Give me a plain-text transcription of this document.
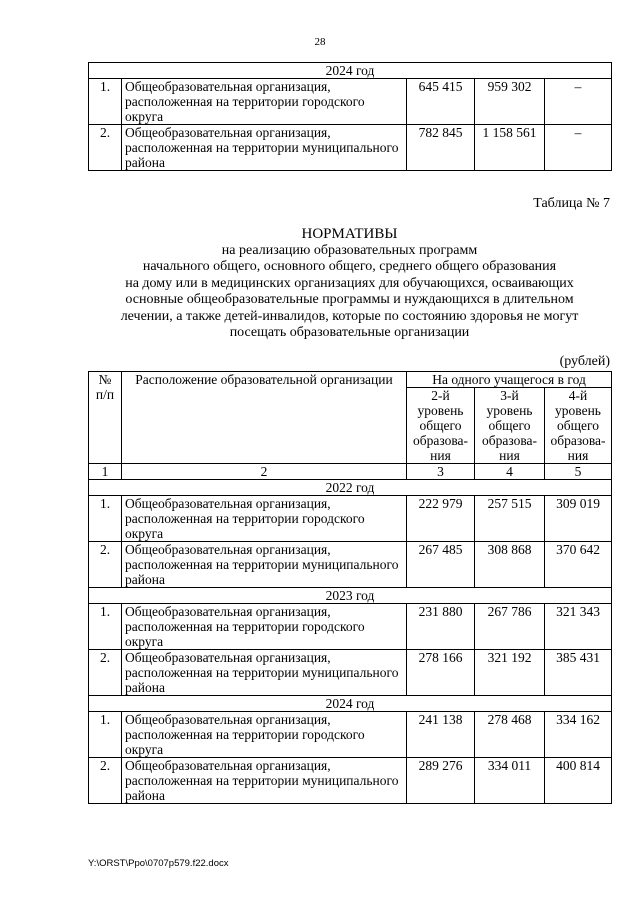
28
2024 год				
1.	Общеобразовательная организация, расположенная на территории городского округа	645 415	959 302	–
2.	Общеобразовательная организация, расположенная на территории муниципального района	782 845	1 158 561	–
Таблица № 7
НОРМАТИВЫ
на реализацию образовательных программ
начального общего, основного общего, среднего общего образования
на дому или в медицинских организациях для обучающихся, осваивающих
основные общеобразовательные программы и нуждающихся в длительном
лечении, а также детей-инвалидов, которые по состоянию здоровья не могут
посещать образовательные организации
(рублей)
№ п/п	Расположение образовательной организации	На одного учащегося в год		
		2-й уровень общего образова-ния	3-й уровень общего образова-ния	4-й уровень общего образова-ния
1	2	3	4	5
2022 год				
1.	Общеобразовательная организация, расположенная на территории городского округа	222 979	257 515	309 019
2.	Общеобразовательная организация, расположенная на территории муниципального района	267 485	308 868	370 642
2023 год				
1.	Общеобразовательная организация, расположенная на территории городского округа	231 880	267 786	321 343
2.	Общеобразовательная организация, расположенная на территории муниципального района	278 166	321 192	385 431
2024 год				
1.	Общеобразовательная организация, расположенная на территории городского округа	241 138	278 468	334 162
2.	Общеобразовательная организация, расположенная на территории муниципального района	289 276	334 011	400 814
Y:\ORST\Ppo\0707p579.f22.docx
